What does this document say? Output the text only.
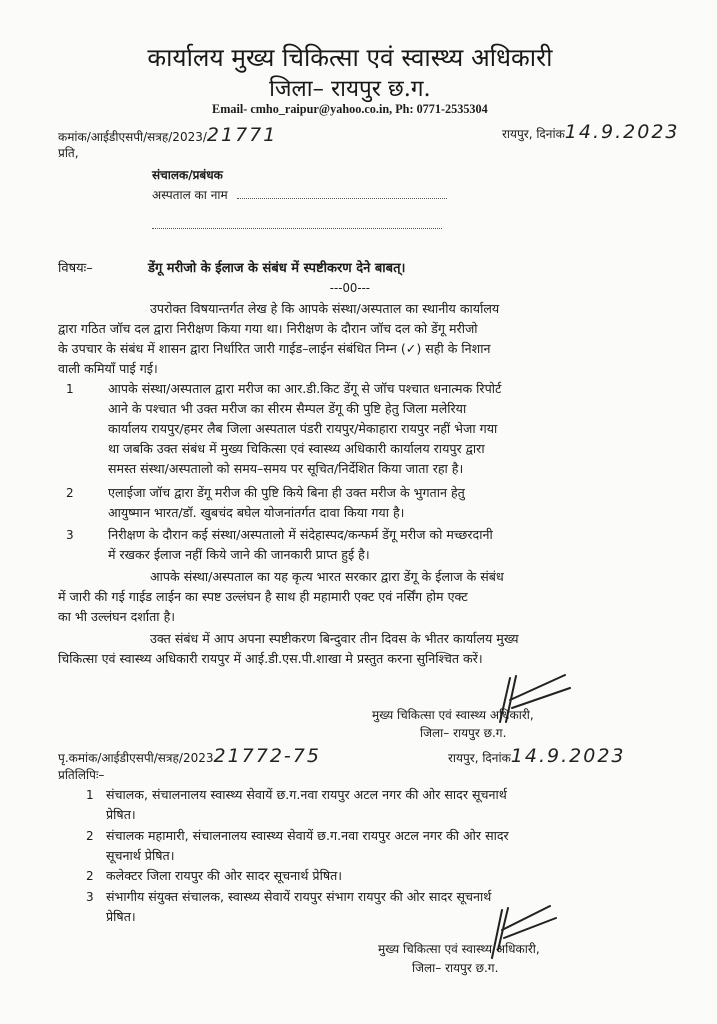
कार्यालय मुख्य चिकित्सा एवं स्वास्थ्य अधिकारी
जिला– रायपुर छ.ग.
Email- cmho_raipur@yahoo.co.in, Ph: 0771-2535304
कमांक/आईडीएसपी/सत्रह/2023/21771	रायपुर, दिनांक14.9.2023
प्रति,
संचालक/प्रबंधक
अस्पताल का नाम
विषयः–	डेंगू मरीजो के ईलाज के संबंध में स्पष्टीकरण देने बाबत्।
---00---
उपरोक्त विषयान्तर्गत लेख हे कि आपके संस्था/अस्पताल का स्थानीय कार्यालय
द्वारा गठित जॉच दल द्वारा निरीक्षण किया गया था। निरीक्षण के दौरान जॉच दल को डेंगू मरीजो
के उपचार के संबंध में शासन द्वारा निर्धारित जारी गाईड–लाईन संबंधित निम्न (✓) सही के निशान
वाली कमियॉं पाई गई।
1	आपके संस्था/अस्पताल द्वारा मरीज का आर.डी.किट डेंगू से जॉच पश्चात धनात्मक रिपोर्ट
आने के पश्चात भी उक्त मरीज का सीरम सैम्पल डेंगू की पुष्टि हेतु जिला मलेरिया
कार्यालय रायपुर/हमर लैब जिला अस्पताल पंडरी रायपुर/मेकाहारा रायपुर नहीं भेजा गया
था जबकि उक्त संबंध में मुख्य चिकित्सा एवं स्वास्थ्य अधिकारी कार्यालय रायपुर द्वारा
समस्त संस्था/अस्पतालो को समय–समय पर सूचित/निर्देशित किया जाता रहा है।
2	एलाईजा जॉच द्वारा डेंगू मरीज की पुष्टि किये बिना ही उक्त मरीज के भुगतान हेतु
आयुष्मान भारत/डॉ. खुबचंद बघेल योजनांतर्गत दावा किया गया है।
3	निरीक्षण के दौरान कई संस्था/अस्पतालो में संदेहास्पद/कन्फर्म डेंगू मरीज को मच्छरदानी
में रखकर ईलाज नहीं किये जाने की जानकारी प्राप्त हुई है।
आपके संस्था/अस्पताल का यह कृत्य भारत सरकार द्वारा डेंगू के ईलाज के संबंध
में जारी की गई गाईड लाईन का स्पष्ट उल्लंघन है साथ ही महामारी एक्ट एवं नर्सिंग होम एक्ट
का भी उल्लंघन दर्शाता है।
उक्त संबंध में आप अपना स्पष्टीकरण बिन्दुवार तीन दिवस के भीतर कार्यालय मुख्य
चिकित्सा एवं स्वास्थ्य अधिकारी रायपुर में आई.डी.एस.पी.शाखा मे प्रस्तुत करना सुनिश्चित करें।
मुख्य चिकित्सा एवं स्वास्थ्य अधिकारी,
जिला– रायपुर छ.ग.
पृ.कमांक/आईडीएसपी/सत्रह/202321772-75	रायपुर, दिनांक14.9.2023
प्रतिलिपिः–
1 संचालक, संचालनालय स्वास्थ्य सेवायें छ.ग.नवा रायपुर अटल नगर की ओर सादर सूचनार्थ
प्रेषित।
2 संचालक महामारी, संचालनालय स्वास्थ्य सेवायें छ.ग.नवा रायपुर अटल नगर की ओर सादर
सूचनार्थ प्रेषित।
2 कलेक्टर जिला रायपुर की ओर सादर सूचनार्थ प्रेषित।
3 संभागीय संयुक्त संचालक, स्वास्थ्य सेवायें रायपुर संभाग रायपुर की ओर सादर सूचनार्थ
प्रेषित।
मुख्य चिकित्सा एवं स्वास्थ्य अधिकारी,
जिला– रायपुर छ.ग.
